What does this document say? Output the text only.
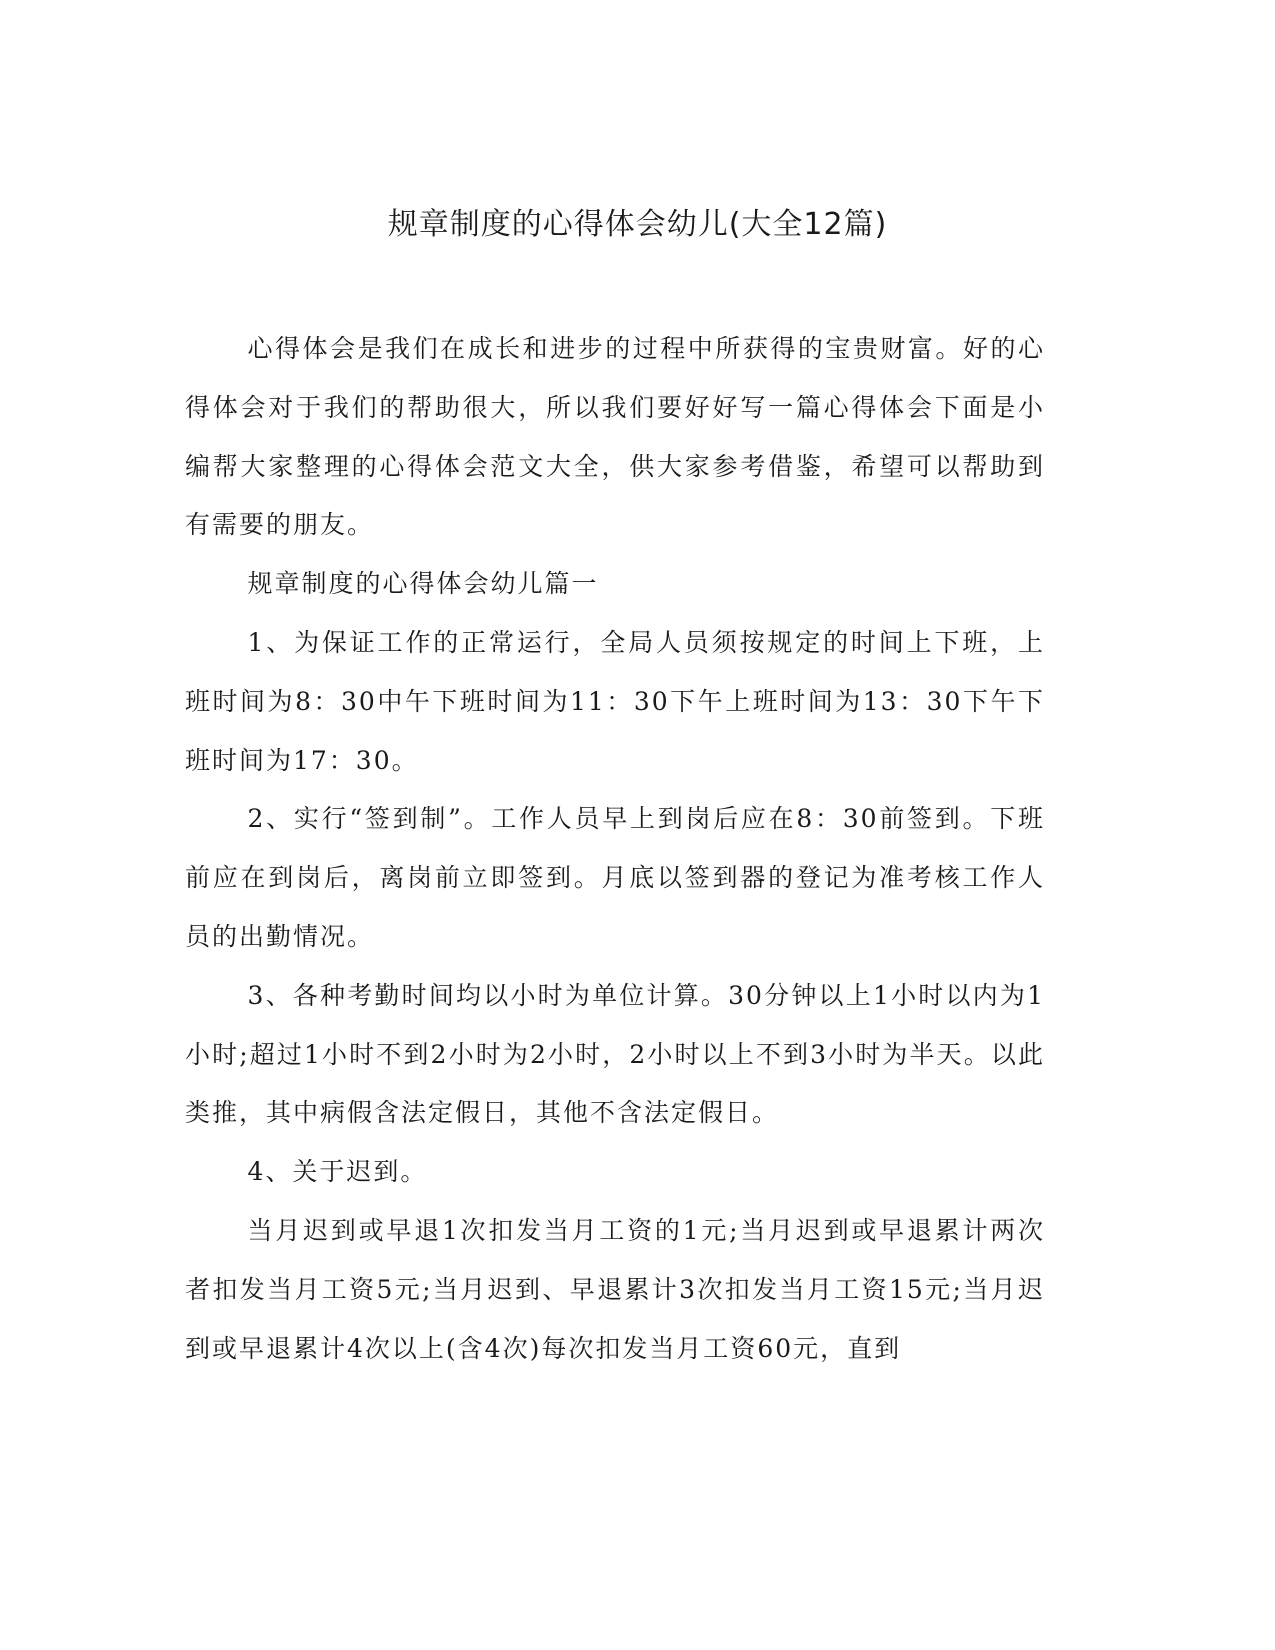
规章制度的心得体会幼儿(大全12篇)

心得体会是我们在成长和进步的过程中所获得的宝贵财富。好的心得体会对于我们的帮助很大，所以我们要好好写一篇心得体会下面是小编帮大家整理的心得体会范文大全，供大家参考借鉴，希望可以帮助到有需要的朋友。

规章制度的心得体会幼儿篇一

1、为保证工作的正常运行，全局人员须按规定的时间上下班，上班时间为8：30中午下班时间为11：30下午上班时间为13：30下午下班时间为17：30。

2、实行“签到制”。工作人员早上到岗后应在8：30前签到。下班前应在到岗后，离岗前立即签到。月底以签到器的登记为准考核工作人员的出勤情况。

3、各种考勤时间均以小时为单位计算。30分钟以上1小时以内为1小时;超过1小时不到2小时为2小时，2小时以上不到3小时为半天。以此类推，其中病假含法定假日，其他不含法定假日。

4、关于迟到。

当月迟到或早退1次扣发当月工资的1元;当月迟到或早退累计两次者扣发当月工资5元;当月迟到、早退累计3次扣发当月工资15元;当月迟到或早退累计4次以上(含4次)每次扣发当月工资60元，直到
